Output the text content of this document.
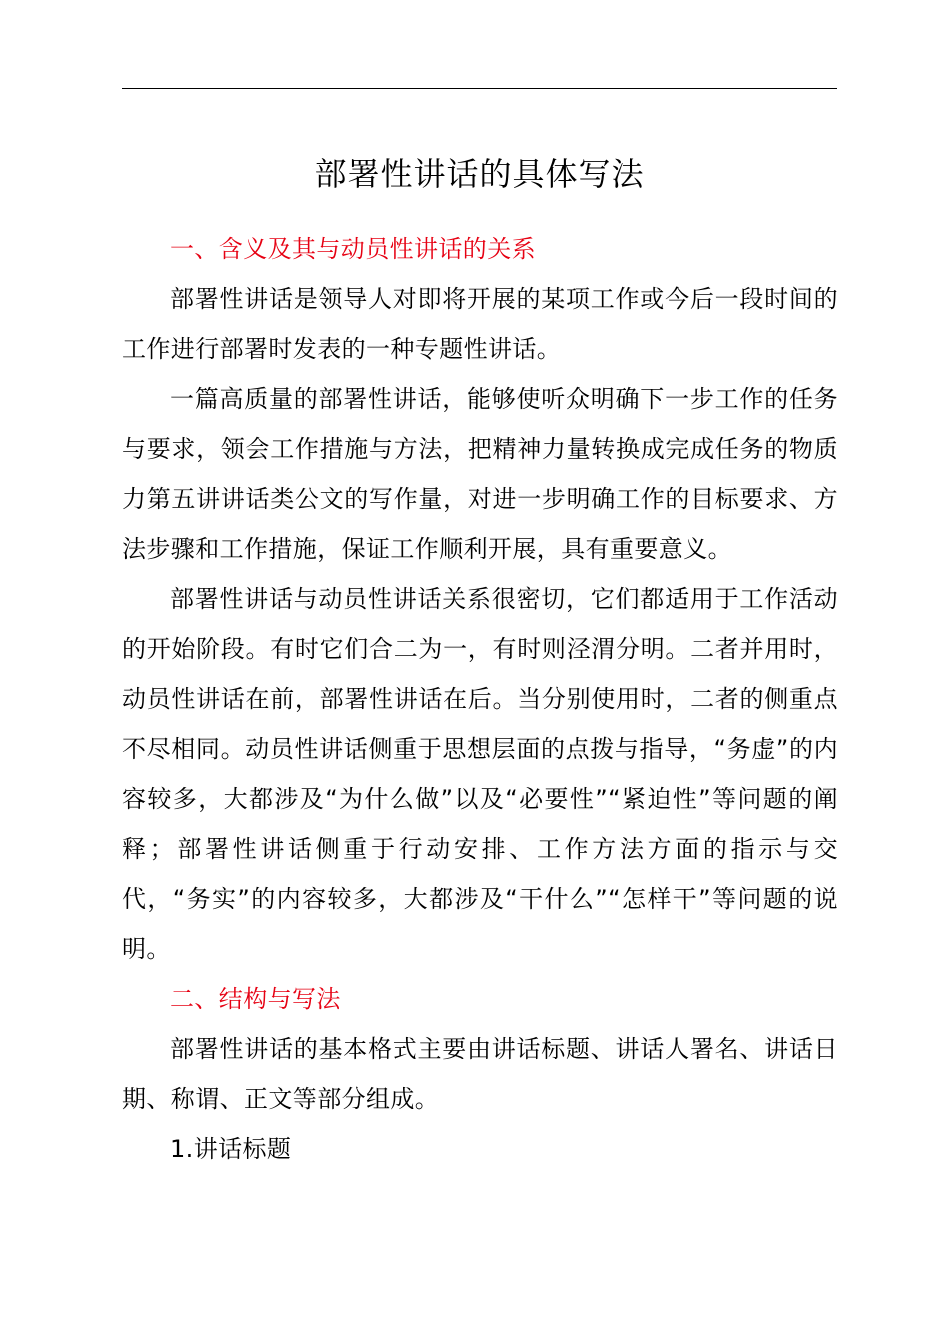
部署性讲话的具体写法

一、含义及其与动员性讲话的关系

部署性讲话是领导人对即将开展的某项工作或今后一段时间的工作进行部署时发表的一种专题性讲话。

一篇高质量的部署性讲话，能够使听众明确下一步工作的任务与要求，领会工作措施与方法，把精神力量转换成完成任务的物质力第五讲讲话类公文的写作量，对进一步明确工作的目标要求、方法步骤和工作措施，保证工作顺利开展，具有重要意义。

部署性讲话与动员性讲话关系很密切，它们都适用于工作活动的开始阶段。有时它们合二为一，有时则泾渭分明。二者并用时，动员性讲话在前，部署性讲话在后。当分别使用时，二者的侧重点不尽相同。动员性讲话侧重于思想层面的点拨与指导，“务虚”的内容较多，大都涉及“为什么做”以及“必要性”“紧迫性”等问题的阐释；部署性讲话侧重于行动安排、工作方法方面的指示与交代，“务实”的内容较多，大都涉及“干什么”“怎样干”等问题的说明。

二、结构与写法

部署性讲话的基本格式主要由讲话标题、讲话人署名、讲话日期、称谓、正文等部分组成。

1.讲话标题
